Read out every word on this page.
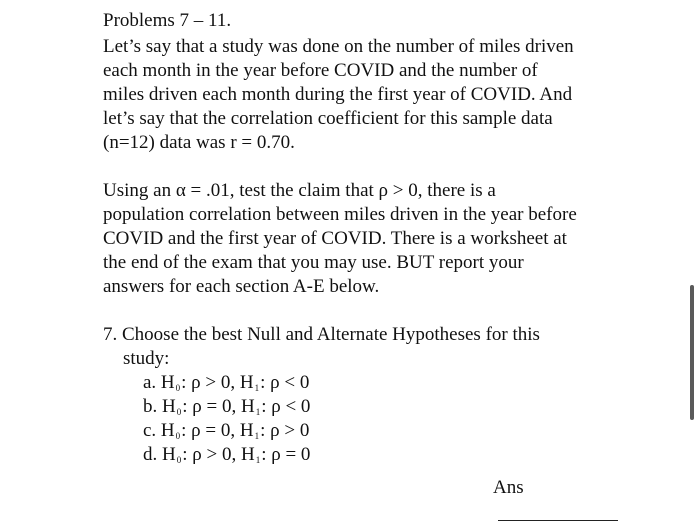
Problems 7 – 11.
Let’s say that a study was done on the number of miles driven
each month in the year before COVID and the number of
miles driven each month during the first year of COVID. And
let’s say that the correlation coefficient for this sample data
(n=12) data was r = 0.70.
Using an α = .01, test the claim that ρ > 0, there is a
population correlation between miles driven in the year before
COVID and the first year of COVID. There is a worksheet at
the end of the exam that you may use. BUT report your
answers for each section A-E below.
7. Choose the best Null and Alternate Hypotheses for this
study:
a. $H_0$: ρ > 0, $H_1$: ρ < 0
b. $H_0$: ρ = 0, $H_1$: ρ < 0
c. $H_0$: ρ = 0, $H_1$: ρ > 0
d. $H_0$: ρ > 0, $H_1$: ρ = 0
Ans
